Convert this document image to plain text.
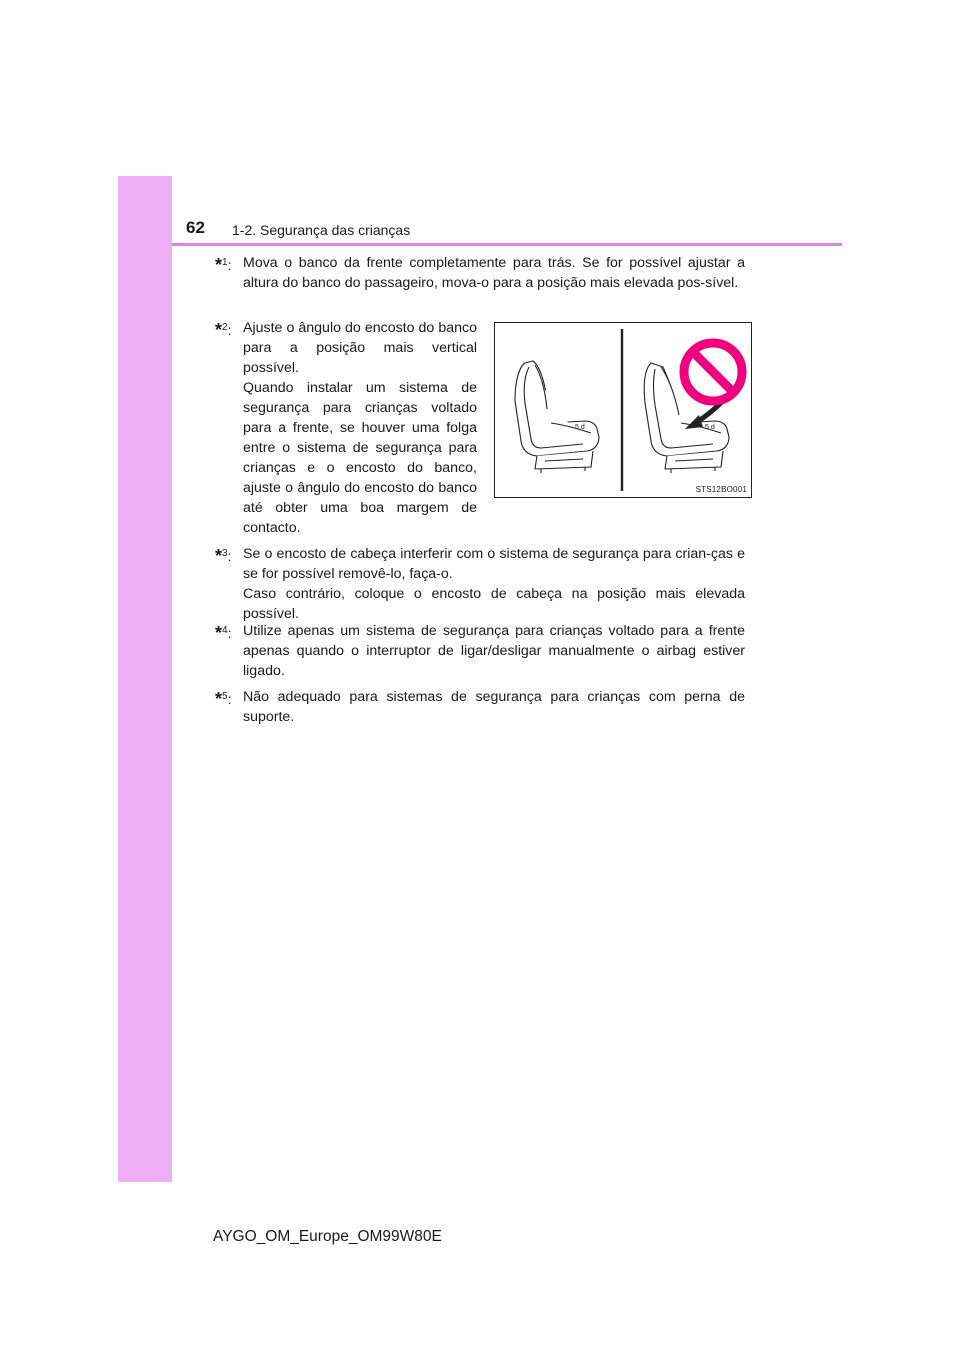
62 1-2. Segurança das crianças
*$^1$: Mova o banco da frente completamente para trás. Se for possível ajustar a altura do banco do passageiro, mova-o para a posição mais elevada pos-sível.

*$^2$: Ajuste o ângulo do encosto do banco para a posição mais vertical possível.

Quando instalar um sistema de segurança para crianças voltado para a frente, se houver uma folga entre o sistema de segurança para crianças e o encosto do banco, ajuste o ângulo do encosto do banco até obter uma boa margem de contacto.

5 d	5 d
STS12BO001
*$^3$: Se o encosto de cabeça interferir com o sistema de segurança para crian-ças e se for possível removê-lo, faça-o.

Caso contrário, coloque o encosto de cabeça na posição mais elevada possível.

*$^4$: Utilize apenas um sistema de segurança para crianças voltado para a frente apenas quando o interruptor de ligar/desligar manualmente o airbag estiver ligado.

*$^5$: Não adequado para sistemas de segurança para crianças com perna de suporte.

AYGO_OM_Europe_OM99W80E
